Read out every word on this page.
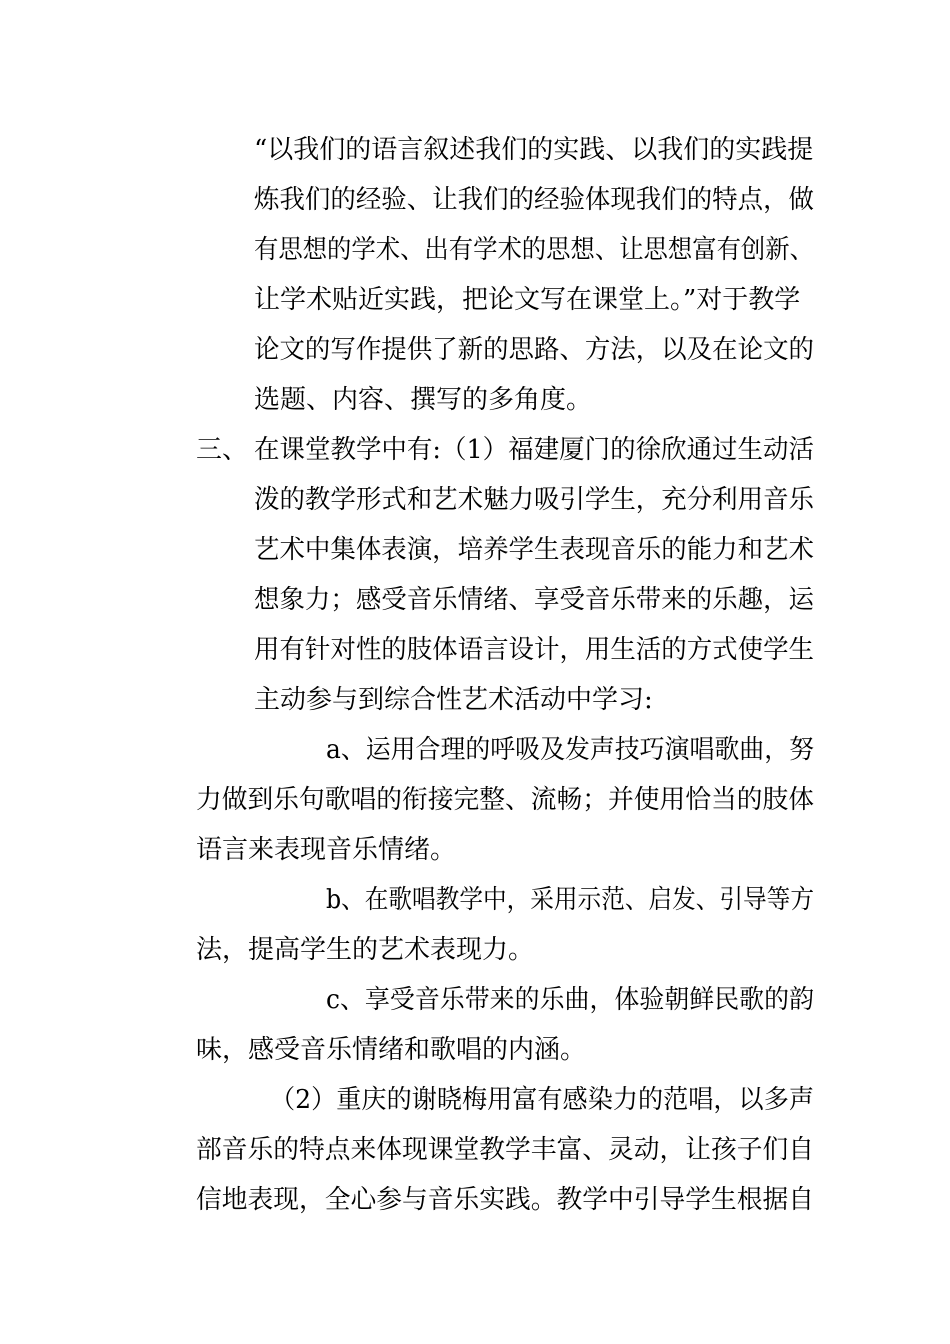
“以我们的语言叙述我们的实践、以我们的实践提
炼我们的经验、让我们的经验体现我们的特点，做
有思想的学术、出有学术的思想、让思想富有创新、
让学术贴近实践，把论文写在课堂上。”对于教学
论文的写作提供了新的思路、方法，以及在论文的
选题、内容、撰写的多角度。
三、 在课堂教学中有:（1）福建厦门的徐欣通过生动活
泼的教学形式和艺术魅力吸引学生，充分利用音乐
艺术中集体表演，培养学生表现音乐的能力和艺术
想象力；感受音乐情绪、享受音乐带来的乐趣，运
用有针对性的肢体语言设计，用生活的方式使学生
主动参与到综合性艺术活动中学习:
a、运用合理的呼吸及发声技巧演唱歌曲，努
力做到乐句歌唱的衔接完整、流畅；并使用恰当的肢体
语言来表现音乐情绪。
b、在歌唱教学中，采用示范、启发、引导等方
法，提高学生的艺术表现力。
c、享受音乐带来的乐曲，体验朝鲜民歌的韵
味，感受音乐情绪和歌唱的内涵。
（2）重庆的谢晓梅用富有感染力的范唱，以多声
部音乐的特点来体现课堂教学丰富、灵动，让孩子们自
信地表现，全心参与音乐实践。教学中引导学生根据自
